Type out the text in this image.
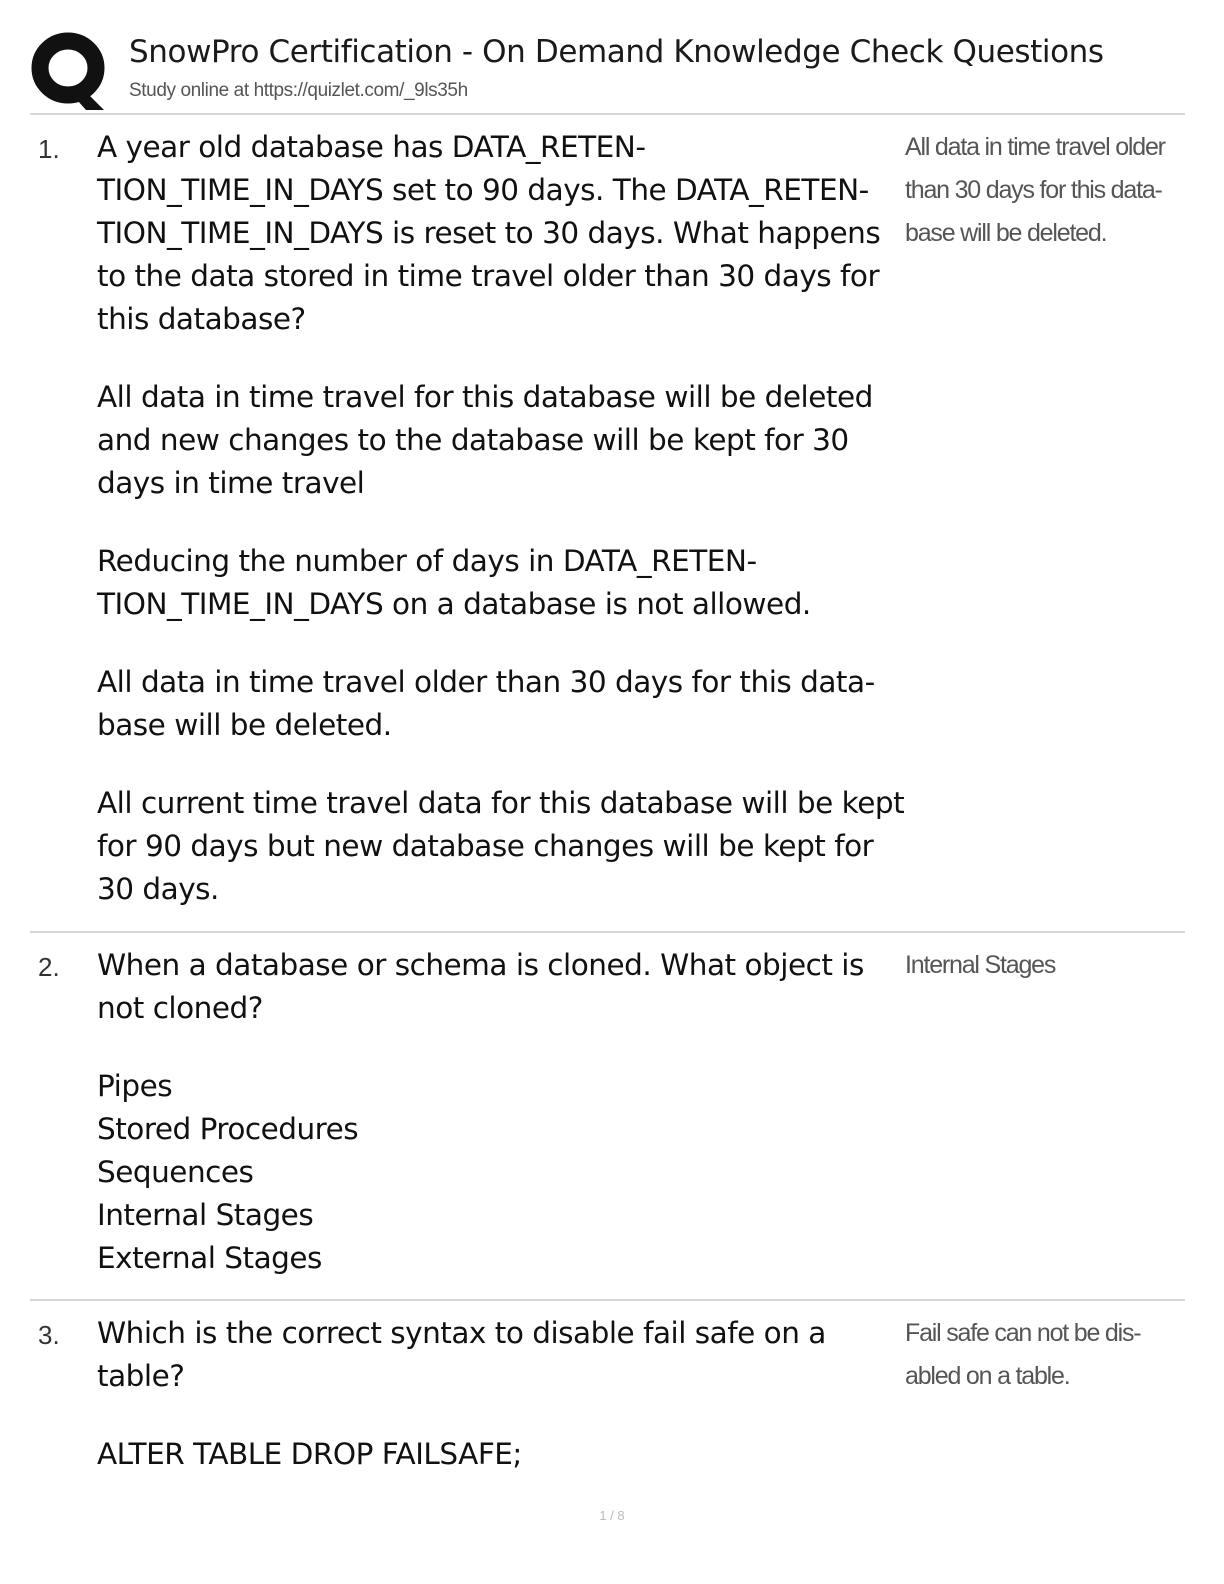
SnowPro Certification - On Demand Knowledge Check Questions
Study online at https://quizlet.com/_9ls35h
1. A year old database has DATA_RETENTION_TIME_IN_DAYS set to 90 days. The DATA_RETENTION_TIME_IN_DAYS is reset to 30 days. What happens to the data stored in time travel older than 30 days for this database?
All data in time travel older than 30 days for this database will be deleted.
All data in time travel for this database will be deleted and new changes to the database will be kept for 30 days in time travel
Reducing the number of days in DATA_RETENTION_TIME_IN_DAYS on a database is not allowed.
All data in time travel older than 30 days for this database will be deleted.
All current time travel data for this database will be kept for 90 days but new database changes will be kept for 30 days.
2. When a database or schema is cloned. What object is not cloned?
Internal Stages
Pipes
Stored Procedures
Sequences
Internal Stages
External Stages
3. Which is the correct syntax to disable fail safe on a table?
Fail safe can not be disabled on a table.
ALTER TABLE DROP FAILSAFE;
1 / 8
